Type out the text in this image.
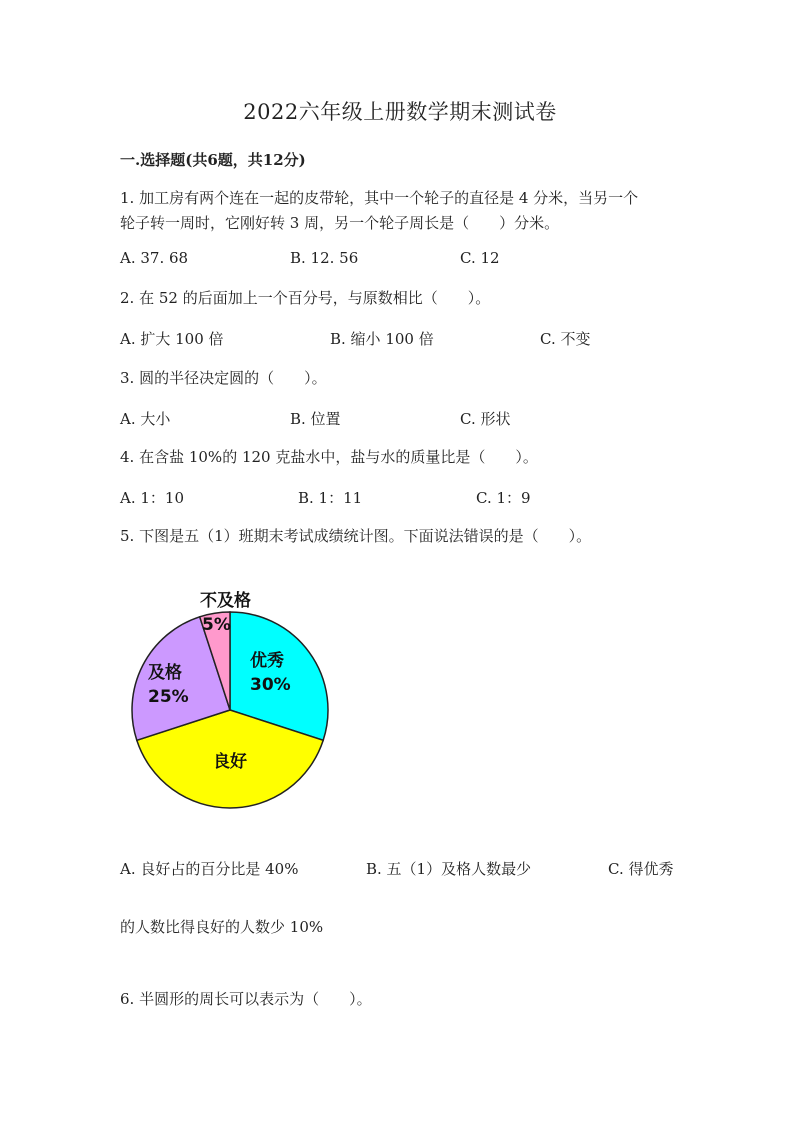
2022六年级上册数学期末测试卷
一.选择题(共6题，共12分)
1. 加工房有两个连在一起的皮带轮，其中一个轮子的直径是 4 分米，当另一个
轮子转一周时，它刚好转 3 周，另一个轮子周长是（　　）分米。
A. 37. 68	B. 12. 56	C. 12
2. 在 52 的后面加上一个百分号，与原数相比（　　）。
A. 扩大 100 倍	B. 缩小 100 倍	C. 不变
3. 圆的半径决定圆的（　　）。
A. 大小	B. 位置	C. 形状
4. 在含盐 10%的 120 克盐水中，盐与水的质量比是（　　）。
A. 1：10	B. 1：11	C. 1：9
5. 下图是五（1）班期末考试成绩统计图。下面说法错误的是（　　）。
优秀
30%
良好
及格
25%
不及格
5%
A. 良好占的百分比是 40%	B. 五（1）及格人数最少	C. 得优秀
的人数比得良好的人数少 10%
6. 半圆形的周长可以表示为（　　）。
